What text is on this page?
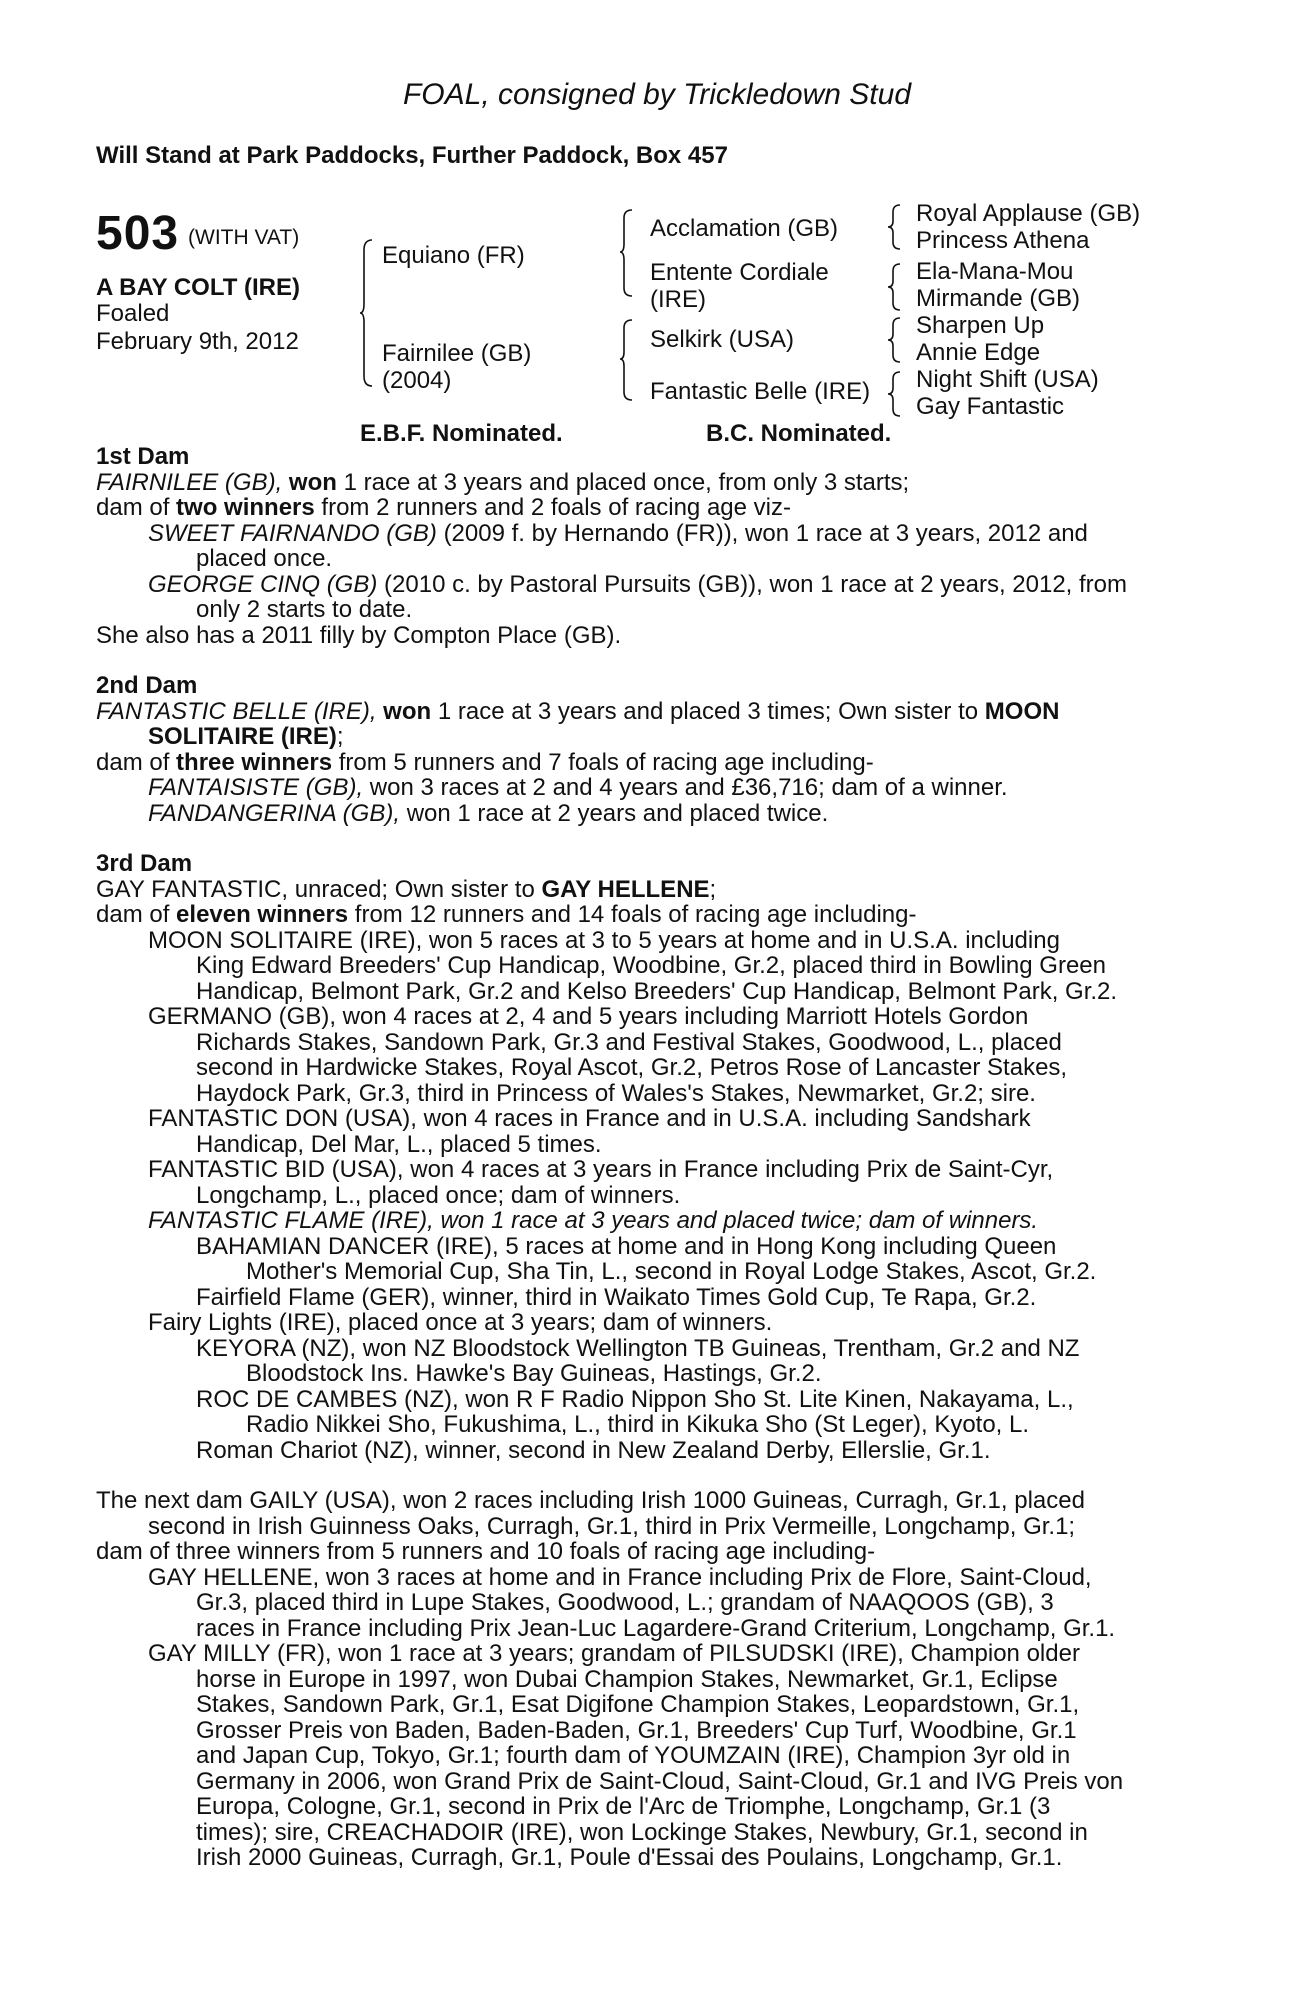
FOAL, consigned by Trickledown Stud
Will Stand at Park Paddocks, Further Paddock, Box 457
503 (WITH VAT)
A BAY COLT (IRE)
Foaled
February 9th, 2012
Equiano (FR)
Fairnilee (GB)
(2004)
Acclamation (GB)
Entente Cordiale
(IRE)
Selkirk (USA)
Fantastic Belle (IRE)
Royal Applause (GB)
Princess Athena
Ela-Mana-Mou
Mirmande (GB)
Sharpen Up
Annie Edge
Night Shift (USA)
Gay Fantastic
E.B.F. Nominated.	B.C. Nominated.

1st Dam

FAIRNILEE (GB), won 1 race at 3 years and placed once, from only 3 starts;

dam of two winners from 2 runners and 2 foals of racing age viz-

SWEET FAIRNANDO (GB) (2009 f. by Hernando (FR)), won 1 race at 3 years, 2012 and

placed once.

GEORGE CINQ (GB) (2010 c. by Pastoral Pursuits (GB)), won 1 race at 2 years, 2012, from

only 2 starts to date.

She also has a 2011 filly by Compton Place (GB).

2nd Dam

FANTASTIC BELLE (IRE), won 1 race at 3 years and placed 3 times; Own sister to MOON

SOLITAIRE (IRE);

dam of three winners from 5 runners and 7 foals of racing age including-

FANTAISISTE (GB), won 3 races at 2 and 4 years and £36,716; dam of a winner.

FANDANGERINA (GB), won 1 race at 2 years and placed twice.

3rd Dam

GAY FANTASTIC, unraced; Own sister to GAY HELLENE;

dam of eleven winners from 12 runners and 14 foals of racing age including-

MOON SOLITAIRE (IRE), won 5 races at 3 to 5 years at home and in U.S.A. including

King Edward Breeders' Cup Handicap, Woodbine, Gr.2, placed third in Bowling Green

Handicap, Belmont Park, Gr.2 and Kelso Breeders' Cup Handicap, Belmont Park, Gr.2.

GERMANO (GB), won 4 races at 2, 4 and 5 years including Marriott Hotels Gordon

Richards Stakes, Sandown Park, Gr.3 and Festival Stakes, Goodwood, L., placed

second in Hardwicke Stakes, Royal Ascot, Gr.2, Petros Rose of Lancaster Stakes,

Haydock Park, Gr.3, third in Princess of Wales's Stakes, Newmarket, Gr.2; sire.

FANTASTIC DON (USA), won 4 races in France and in U.S.A. including Sandshark

Handicap, Del Mar, L., placed 5 times.

FANTASTIC BID (USA), won 4 races at 3 years in France including Prix de Saint-Cyr,

Longchamp, L., placed once; dam of winners.

FANTASTIC FLAME (IRE), won 1 race at 3 years and placed twice; dam of winners.

BAHAMIAN DANCER (IRE), 5 races at home and in Hong Kong including Queen

Mother's Memorial Cup, Sha Tin, L., second in Royal Lodge Stakes, Ascot, Gr.2.

Fairfield Flame (GER), winner, third in Waikato Times Gold Cup, Te Rapa, Gr.2.

Fairy Lights (IRE), placed once at 3 years; dam of winners.

KEYORA (NZ), won NZ Bloodstock Wellington TB Guineas, Trentham, Gr.2 and NZ

Bloodstock Ins. Hawke's Bay Guineas, Hastings, Gr.2.

ROC DE CAMBES (NZ), won R F Radio Nippon Sho St. Lite Kinen, Nakayama, L.,

Radio Nikkei Sho, Fukushima, L., third in Kikuka Sho (St Leger), Kyoto, L.

Roman Chariot (NZ), winner, second in New Zealand Derby, Ellerslie, Gr.1.

The next dam GAILY (USA), won 2 races including Irish 1000 Guineas, Curragh, Gr.1, placed

second in Irish Guinness Oaks, Curragh, Gr.1, third in Prix Vermeille, Longchamp, Gr.1;

dam of three winners from 5 runners and 10 foals of racing age including-

GAY HELLENE, won 3 races at home and in France including Prix de Flore, Saint-Cloud,

Gr.3, placed third in Lupe Stakes, Goodwood, L.; grandam of NAAQOOS (GB), 3

races in France including Prix Jean-Luc Lagardere-Grand Criterium, Longchamp, Gr.1.

GAY MILLY (FR), won 1 race at 3 years; grandam of PILSUDSKI (IRE), Champion older

horse in Europe in 1997, won Dubai Champion Stakes, Newmarket, Gr.1, Eclipse

Stakes, Sandown Park, Gr.1, Esat Digifone Champion Stakes, Leopardstown, Gr.1,

Grosser Preis von Baden, Baden-Baden, Gr.1, Breeders' Cup Turf, Woodbine, Gr.1

and Japan Cup, Tokyo, Gr.1; fourth dam of YOUMZAIN (IRE), Champion 3yr old in

Germany in 2006, won Grand Prix de Saint-Cloud, Saint-Cloud, Gr.1 and IVG Preis von

Europa, Cologne, Gr.1, second in Prix de l'Arc de Triomphe, Longchamp, Gr.1 (3

times); sire, CREACHADOIR (IRE), won Lockinge Stakes, Newbury, Gr.1, second in

Irish 2000 Guineas, Curragh, Gr.1, Poule d'Essai des Poulains, Longchamp, Gr.1.
